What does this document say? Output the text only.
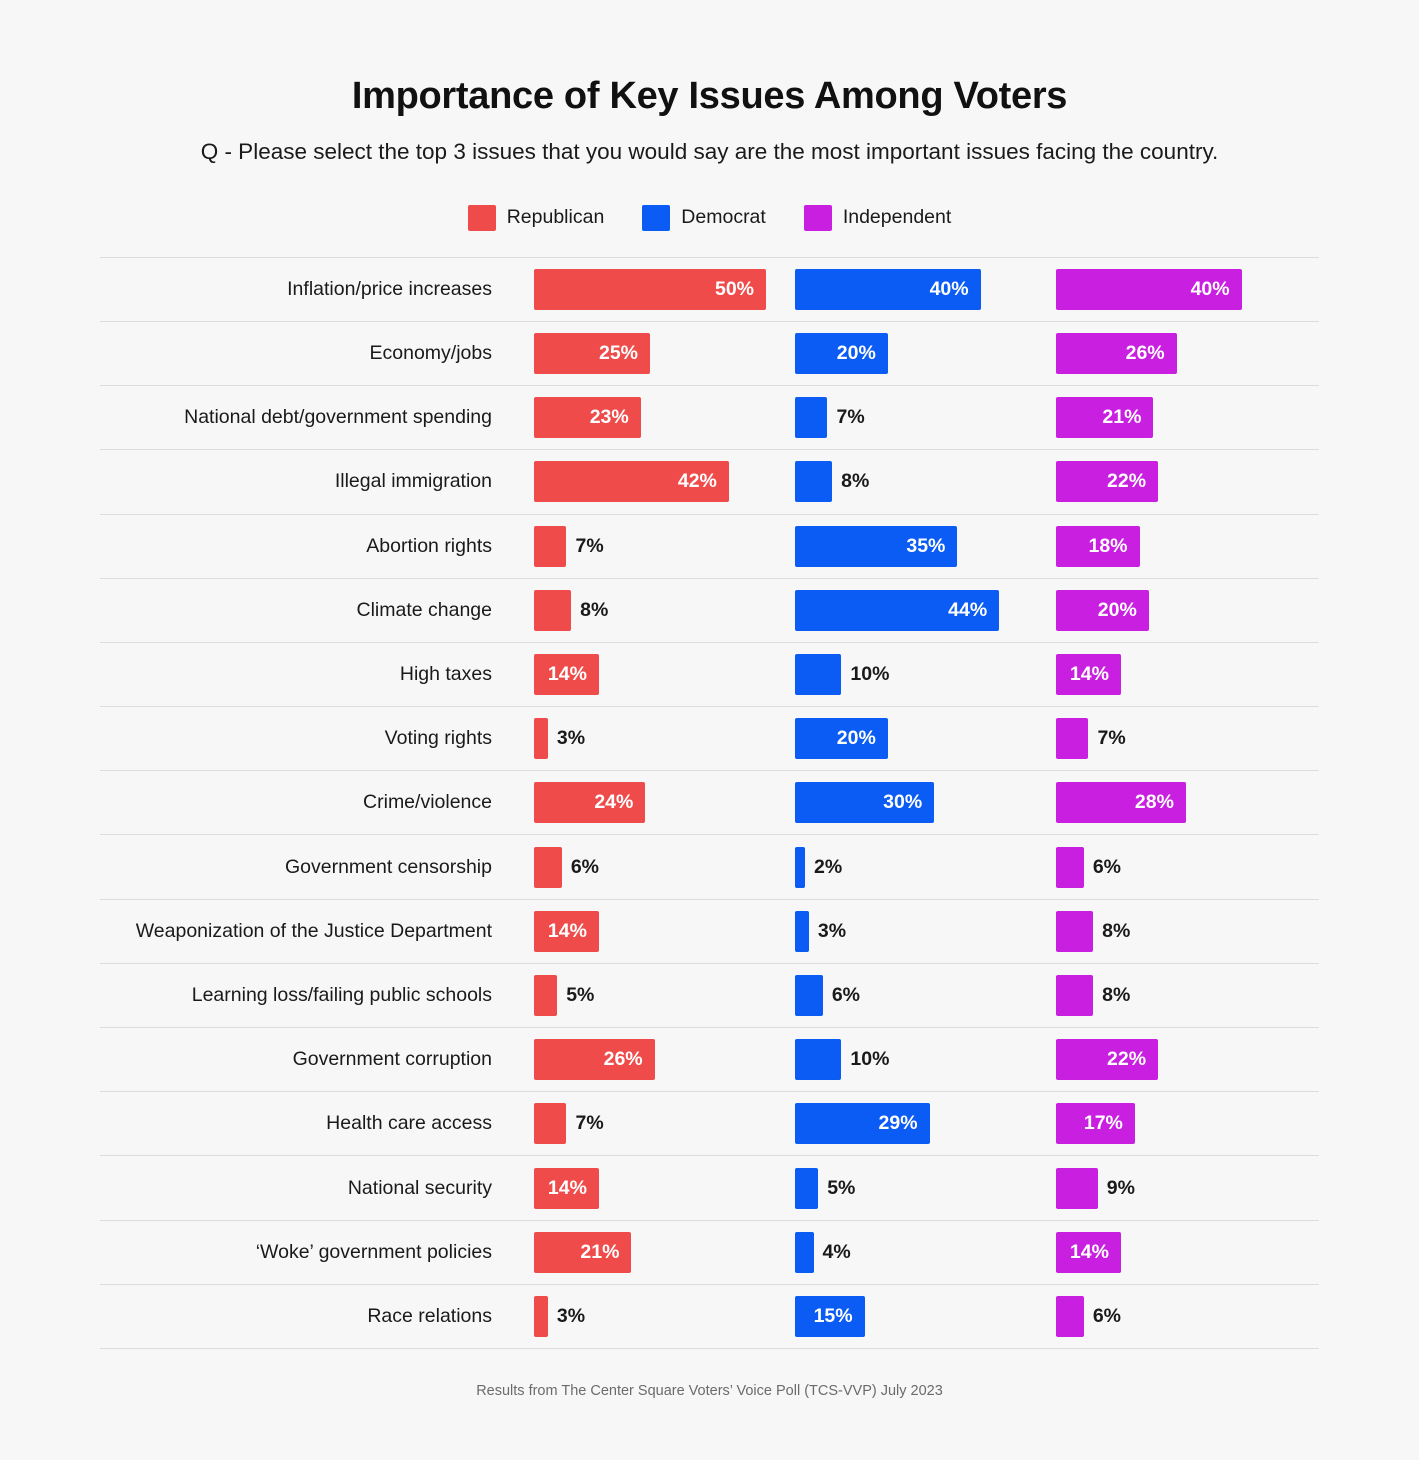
Importance of Key Issues Among Voters
Q - Please select the top 3 issues that you would say are the most important issues facing the country.
Republican	Democrat	Independent
Inflation/price increases	50%	40%	40%
Economy/jobs	25%	20%	26%
National debt/government spending	23%	7%	21%
Illegal immigration	42%	8%	22%
Abortion rights	7%	35%	18%
Climate change	8%	44%	20%
High taxes	14%	10%	14%
Voting rights	3%	20%	7%
Crime/violence	24%	30%	28%
Government censorship	6%	2%	6%
Weaponization of the Justice Department	14%	3%	8%
Learning loss/failing public schools	5%	6%	8%
Government corruption	26%	10%	22%
Health care access	7%	29%	17%
National security	14%	5%	9%
‘Woke’ government policies	21%	4%	14%
Race relations	3%	15%	6%
Results from The Center Square Voters’ Voice Poll (TCS-VVP) July 2023
